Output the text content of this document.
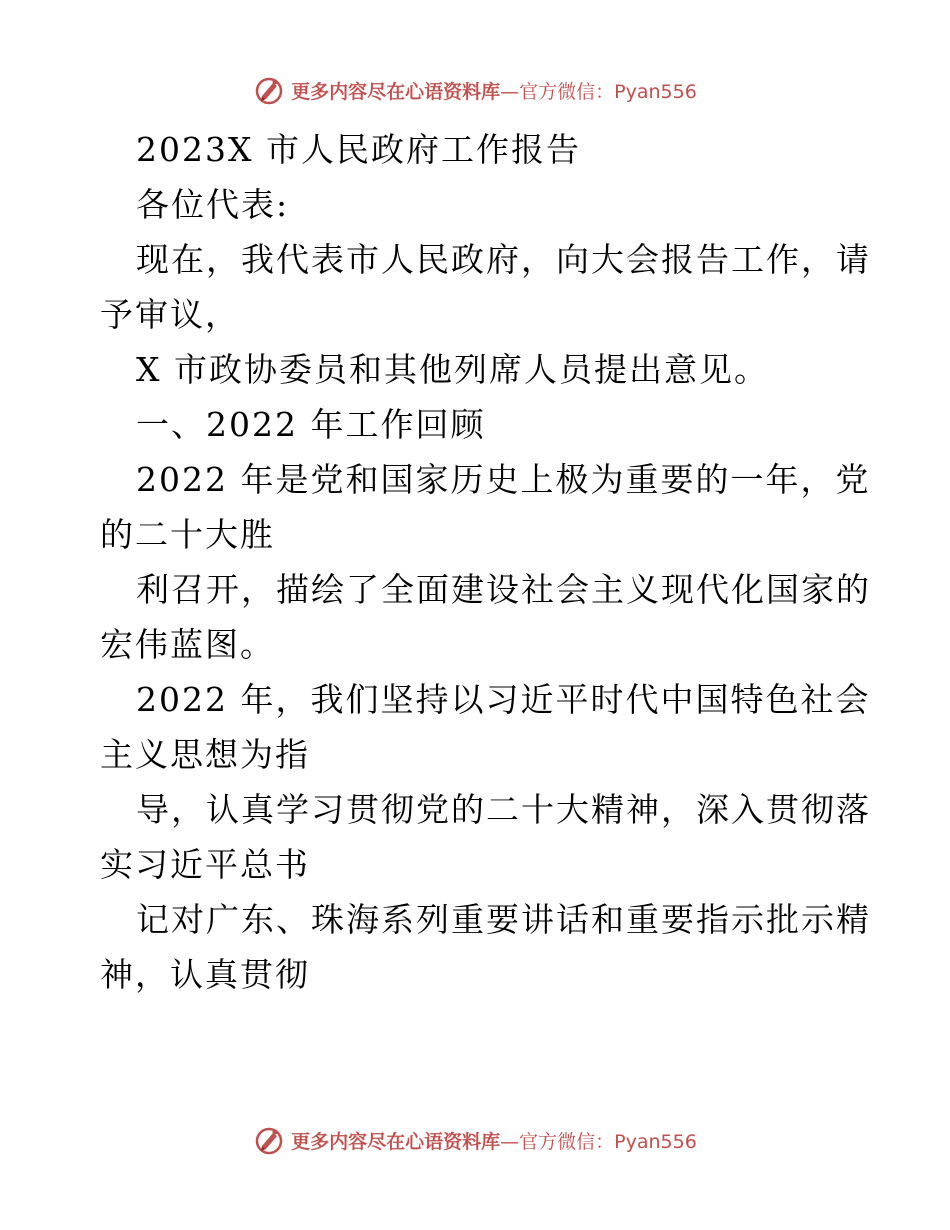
更多内容尽在心语资料库—官方微信：Pyan556
2023X 市人民政府工作报告
各位代表:
现在，我代表市人民政府，向大会报告工作，请
予审议，
X 市政协委员和其他列席人员提出意见。
一、2022 年工作回顾
2022 年是党和国家历史上极为重要的一年，党
的二十大胜
利召开，描绘了全面建设社会主义现代化国家的
宏伟蓝图。
2022 年，我们坚持以习近平时代中国特色社会
主义思想为指
导，认真学习贯彻党的二十大精神，深入贯彻落
实习近平总书
记对广东、珠海系列重要讲话和重要指示批示精
神，认真贯彻
更多内容尽在心语资料库—官方微信：Pyan556
